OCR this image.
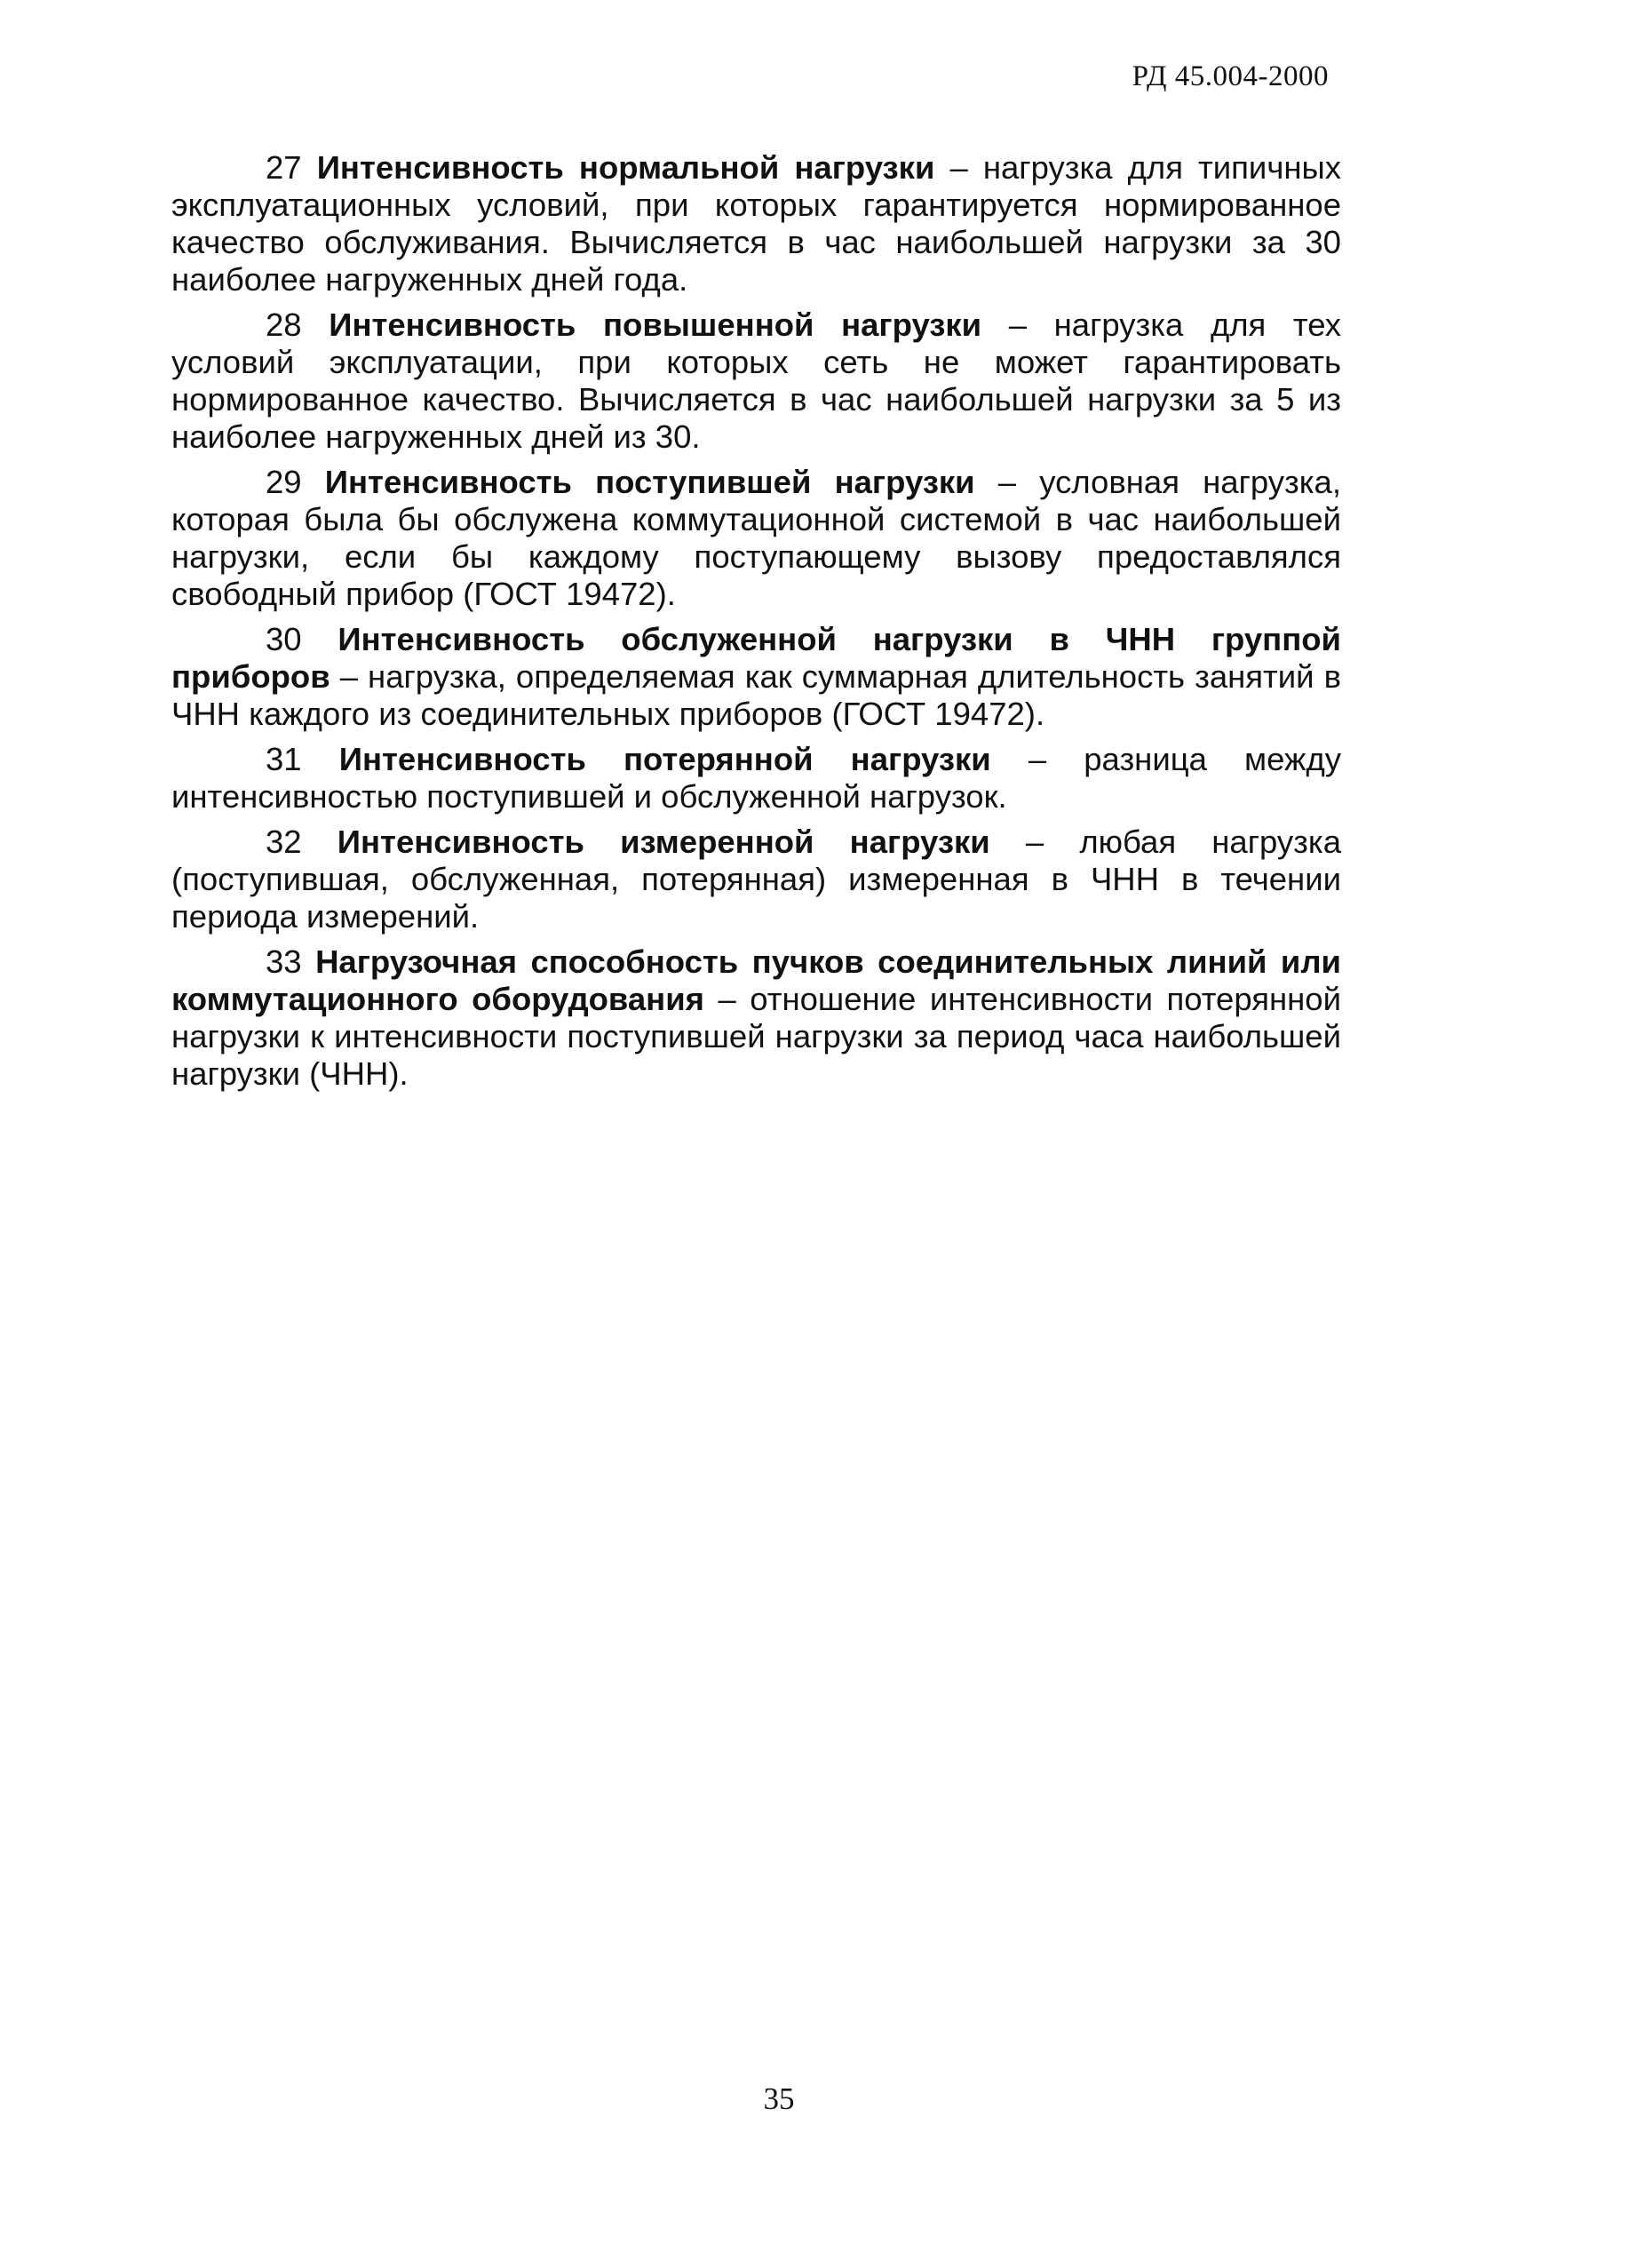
РД 45.004-2000

27 Интенсивность нормальной нагрузки – нагрузка для типичных эксплуатационных условий, при которых гарантируется нормированное качество обслуживания. Вычисляется в час наибольшей нагрузки за 30 наиболее нагруженных дней года.

28 Интенсивность повышенной нагрузки – нагрузка для тех условий эксплуатации, при которых сеть не может гарантировать нормированное качество. Вычисляется в час наибольшей нагрузки за 5 из наиболее нагруженных дней из 30.

29 Интенсивность поступившей нагрузки – условная нагрузка, которая была бы обслужена коммутационной системой в час наибольшей нагрузки, если бы каждому поступающему вызову предоставлялся свободный прибор (ГОСТ 19472).

30 Интенсивность обслуженной нагрузки в ЧНН группой приборов – нагрузка, определяемая как суммарная длительность занятий в ЧНН каждого из соединительных приборов (ГОСТ 19472).

31 Интенсивность потерянной нагрузки – разница между интенсивностью поступившей и обслуженной нагрузок.

32 Интенсивность измеренной нагрузки – любая нагрузка (поступившая, обслуженная, потерянная) измеренная в ЧНН в течении периода измерений.

33 Нагрузочная способность пучков соединительных линий или коммутационного оборудования – отношение интенсивности потерянной нагрузки к интенсивности поступившей нагрузки за период часа наибольшей нагрузки (ЧНН).

35
